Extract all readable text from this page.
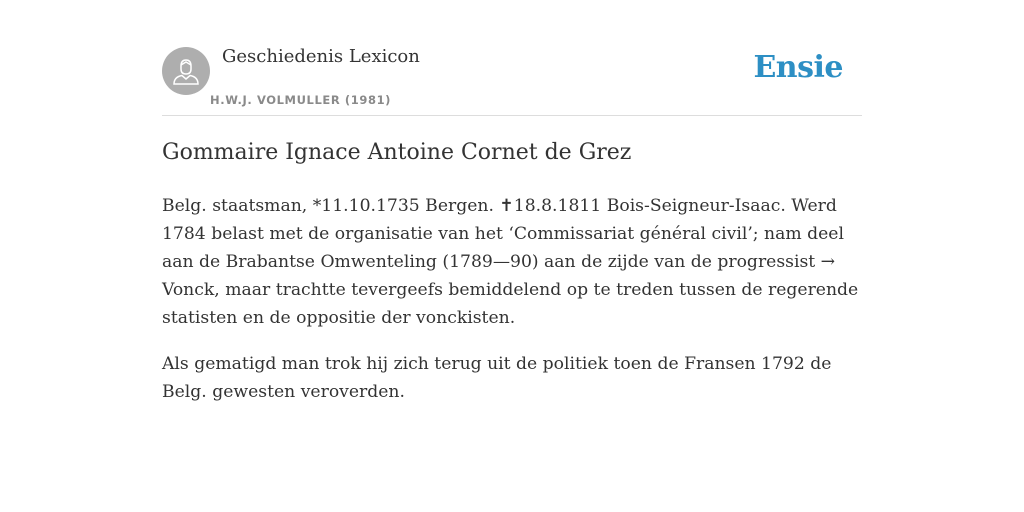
Geschiedenis Lexicon
H.W.J. VOLMULLER (1981)
Ensie
Gommaire Ignace Antoine Cornet de Grez

Belg. staatsman, *11.10.1735 Bergen. ✝18.8.1811 Bois-Seigneur-Isaac. Werd 1784 belast met de organisatie van het ‘Commissariat général civil’; nam deel aan de Brabantse Omwenteling (1789—90) aan de zijde van de progressist → Vonck, maar trachtte tevergeefs bemiddelend op te treden tussen de regerende statisten en de oppositie der vonckisten.

Als gematigd man trok hij zich terug uit de politiek toen de Fransen 1792 de Belg. gewesten veroverden.
